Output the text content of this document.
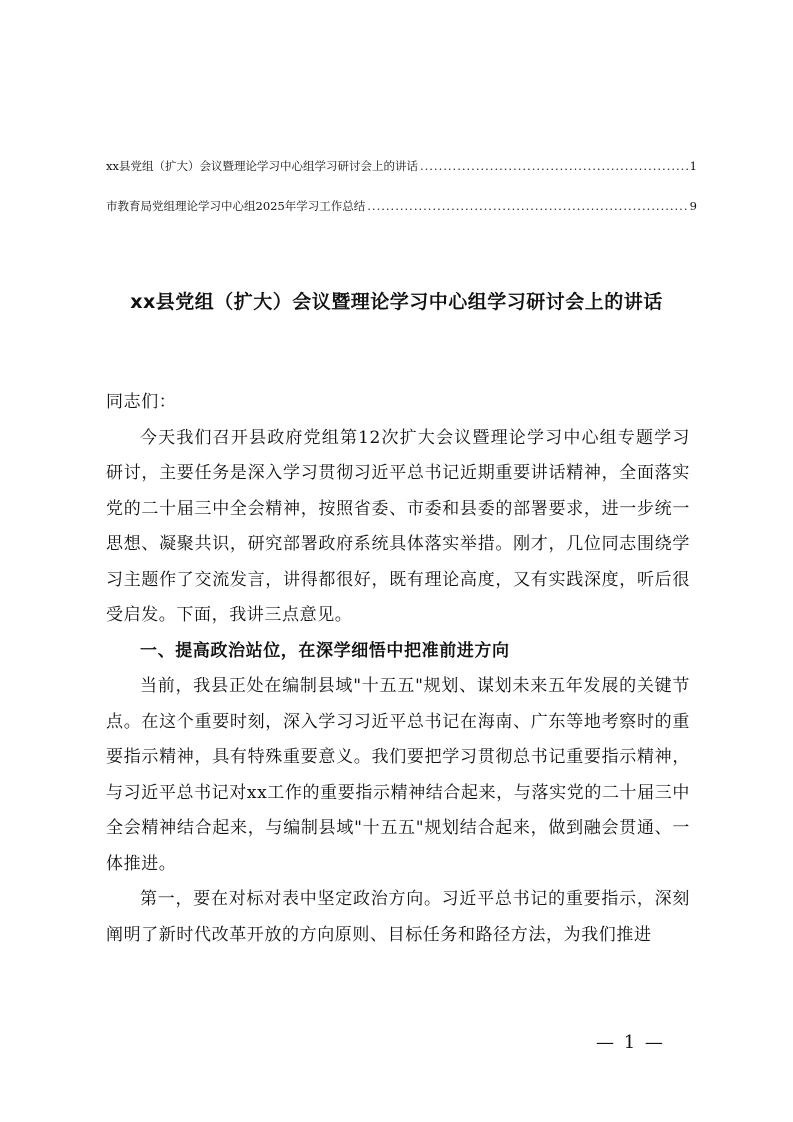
xx县党组（扩大）会议暨理论学习中心组学习研讨会上的讲话 .....	1
市教育局党组理论学习中心组2025年学习工作总结 .....	9
xx县党组（扩大）会议暨理论学习中心组学习研讨会上的讲话

同志们：

今天我们召开县政府党组第12次扩大会议暨理论学习中心组专题学习研讨，主要任务是深入学习贯彻习近平总书记近期重要讲话精神，全面落实党的二十届三中全会精神，按照省委、市委和县委的部署要求，进一步统一思想、凝聚共识，研究部署政府系统具体落实举措。刚才，几位同志围绕学习主题作了交流发言，讲得都很好，既有理论高度，又有实践深度，听后很受启发。下面，我讲三点意见。

一、提高政治站位，在深学细悟中把准前进方向

当前，我县正处在编制县域"十五五"规划、谋划未来五年发展的关键节点。在这个重要时刻，深入学习习近平总书记在海南、广东等地考察时的重要指示精神，具有特殊重要意义。我们要把学习贯彻总书记重要指示精神，与习近平总书记对xx工作的重要指示精神结合起来，与落实党的二十届三中全会精神结合起来，与编制县域"十五五"规划结合起来，做到融会贯通、一体推进。

第一，要在对标对表中坚定政治方向。习近平总书记的重要指示，深刻阐明了新时代改革开放的方向原则、目标任务和路径方法，为我们推进

— 1 —
